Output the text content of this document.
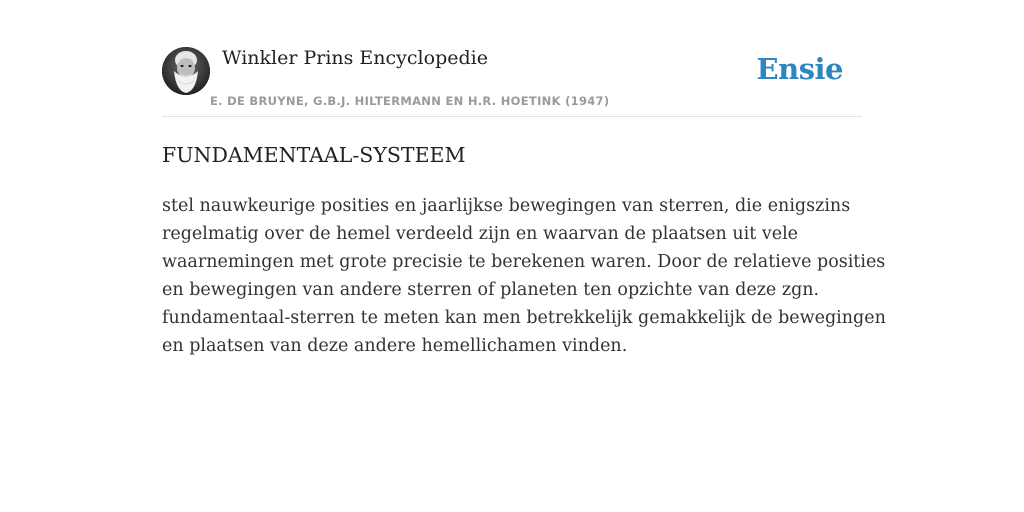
Winkler Prins Encyclopedie
E. DE BRUYNE, G.B.J. HILTERMANN EN H.R. HOETINK (1947)
Ensie
FUNDAMENTAAL-SYSTEEM

stel nauwkeurige posities en jaarlijkse bewegingen van sterren, die enigszins
regelmatig over de hemel verdeeld zijn en waarvan de plaatsen uit vele
waarnemingen met grote precisie te berekenen waren. Door de relatieve posities
en bewegingen van andere sterren of planeten ten opzichte van deze zgn.
fundamentaal-sterren te meten kan men betrekkelijk gemakkelijk de bewegingen
en plaatsen van deze andere hemellichamen vinden.
